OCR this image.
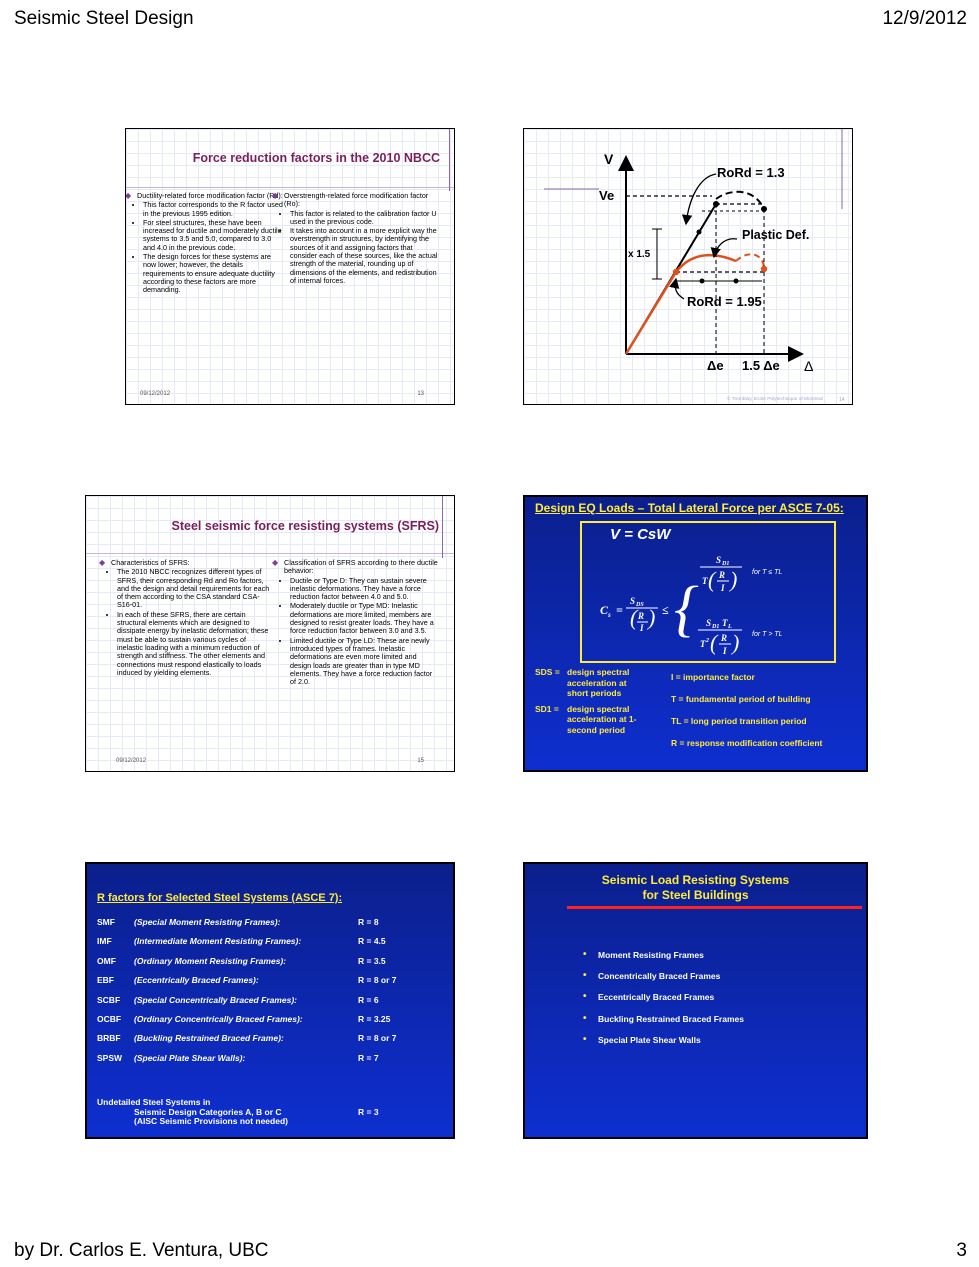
Seismic Steel Design	12/9/2012
by Dr. Carlos E. Ventura, UBC	3
Force reduction factors in the 2010 NBCC
◆ Ductility-related force modification factor (Rd):
• This factor corresponds to the R factor used in the previous 1995 edition.
• For steel structures, these have been increased for ductile and moderately ductile systems to 3.5 and 5.0, compared to 3.0 and 4.0 in the previous code.
• The design forces for these systems are now lower; however, the details requirements to ensure adequate ductility according to these factors are more demanding.
◆ Overstrength-related force modification factor (Ro):
• This factor is related to the calibration factor U used in the previous code.
• It takes into account in a more explicit way the overstrength in structures, by identifying the sources of it and assigning factors that consider each of these sources, like the actual strength of the material, rounding up of dimensions of the elements, and redistribution of internal forces.
09/12/2012	13
V
Ve
RoRd = 1.3
Plastic Def.
x 1.5
RoRd = 1.95
Δe 1.5 Δe Δ
© Tremblay, Ecole Polytechnique of Montreal	14
Steel seismic force resisting systems (SFRS)
◆ Characteristics of SFRS:
• The 2010 NBCC recognizes different types of SFRS, their corresponding Rd and Ro factors, and the design and detail requirements for each of them according to the CSA standard CSA-S16-01.
• In each of these SFRS, there are certain structural elements which are designed to dissipate energy by inelastic deformation; these must be able to sustain various cycles of inelastic loading with a minimum reduction of strength and stiffness. The other elements and connections must respond elastically to loads induced by yielding elements.
◆ Classification of SFRS according to there ductile behavior:
• Ductile or Type D: They can sustain severe inelastic deformations. They have a force reduction factor between 4.0 and 5.0.
• Moderately ductile or Type MD: Inelastic deformations are more limited, members are designed to resist greater loads. They have a force reduction factor between 3.0 and 3.5.
• Limited ductile or Type LD: These are newly introduced types of frames. Inelastic deformations are even more limited and design loads are greater than in type MD elements. They have a force reduction factor of 2.0.
09/12/2012	15
Design EQ Loads – Total Lateral Force per ASCE 7-05:
V = CsW
C s =
S DS
( R
I ) ≤ {
S D1
T ( R
I )
S D1 T L
T 2 ( R
I )
for T ≤ TL
for T > TL
SDS = design spectral acceleration at short periods
SD1 = design spectral acceleration at 1-second period
I = importance factor
T = fundamental period of building
TL = long period transition period
R = response modification coefficient
R factors for Selected Steel Systems (ASCE 7):
SMF (Special Moment Resisting Frames):	R = 8
IMF	(Intermediate Moment Resisting Frames):	R = 4.5
OMF (Ordinary Moment Resisting Frames):	R = 3.5
EBF (Eccentrically Braced Frames):	R = 8 or 7
SCBF (Special Concentrically Braced Frames):	R = 6
OCBF (Ordinary Concentrically Braced Frames):	R = 3.25
BRBF (Buckling Restrained Braced Frame):	R = 8 or 7
SPSW (Special Plate Shear Walls):	R = 7
Undetailed Steel Systems in
Seismic Design Categories A, B or C
(AISC Seismic Provisions not needed)
R = 3
Seismic Load Resisting Systems
for Steel Buildings
• Moment Resisting Frames
• Concentrically Braced Frames
• Eccentrically Braced Frames
• Buckling Restrained Braced Frames
• Special Plate Shear Walls
